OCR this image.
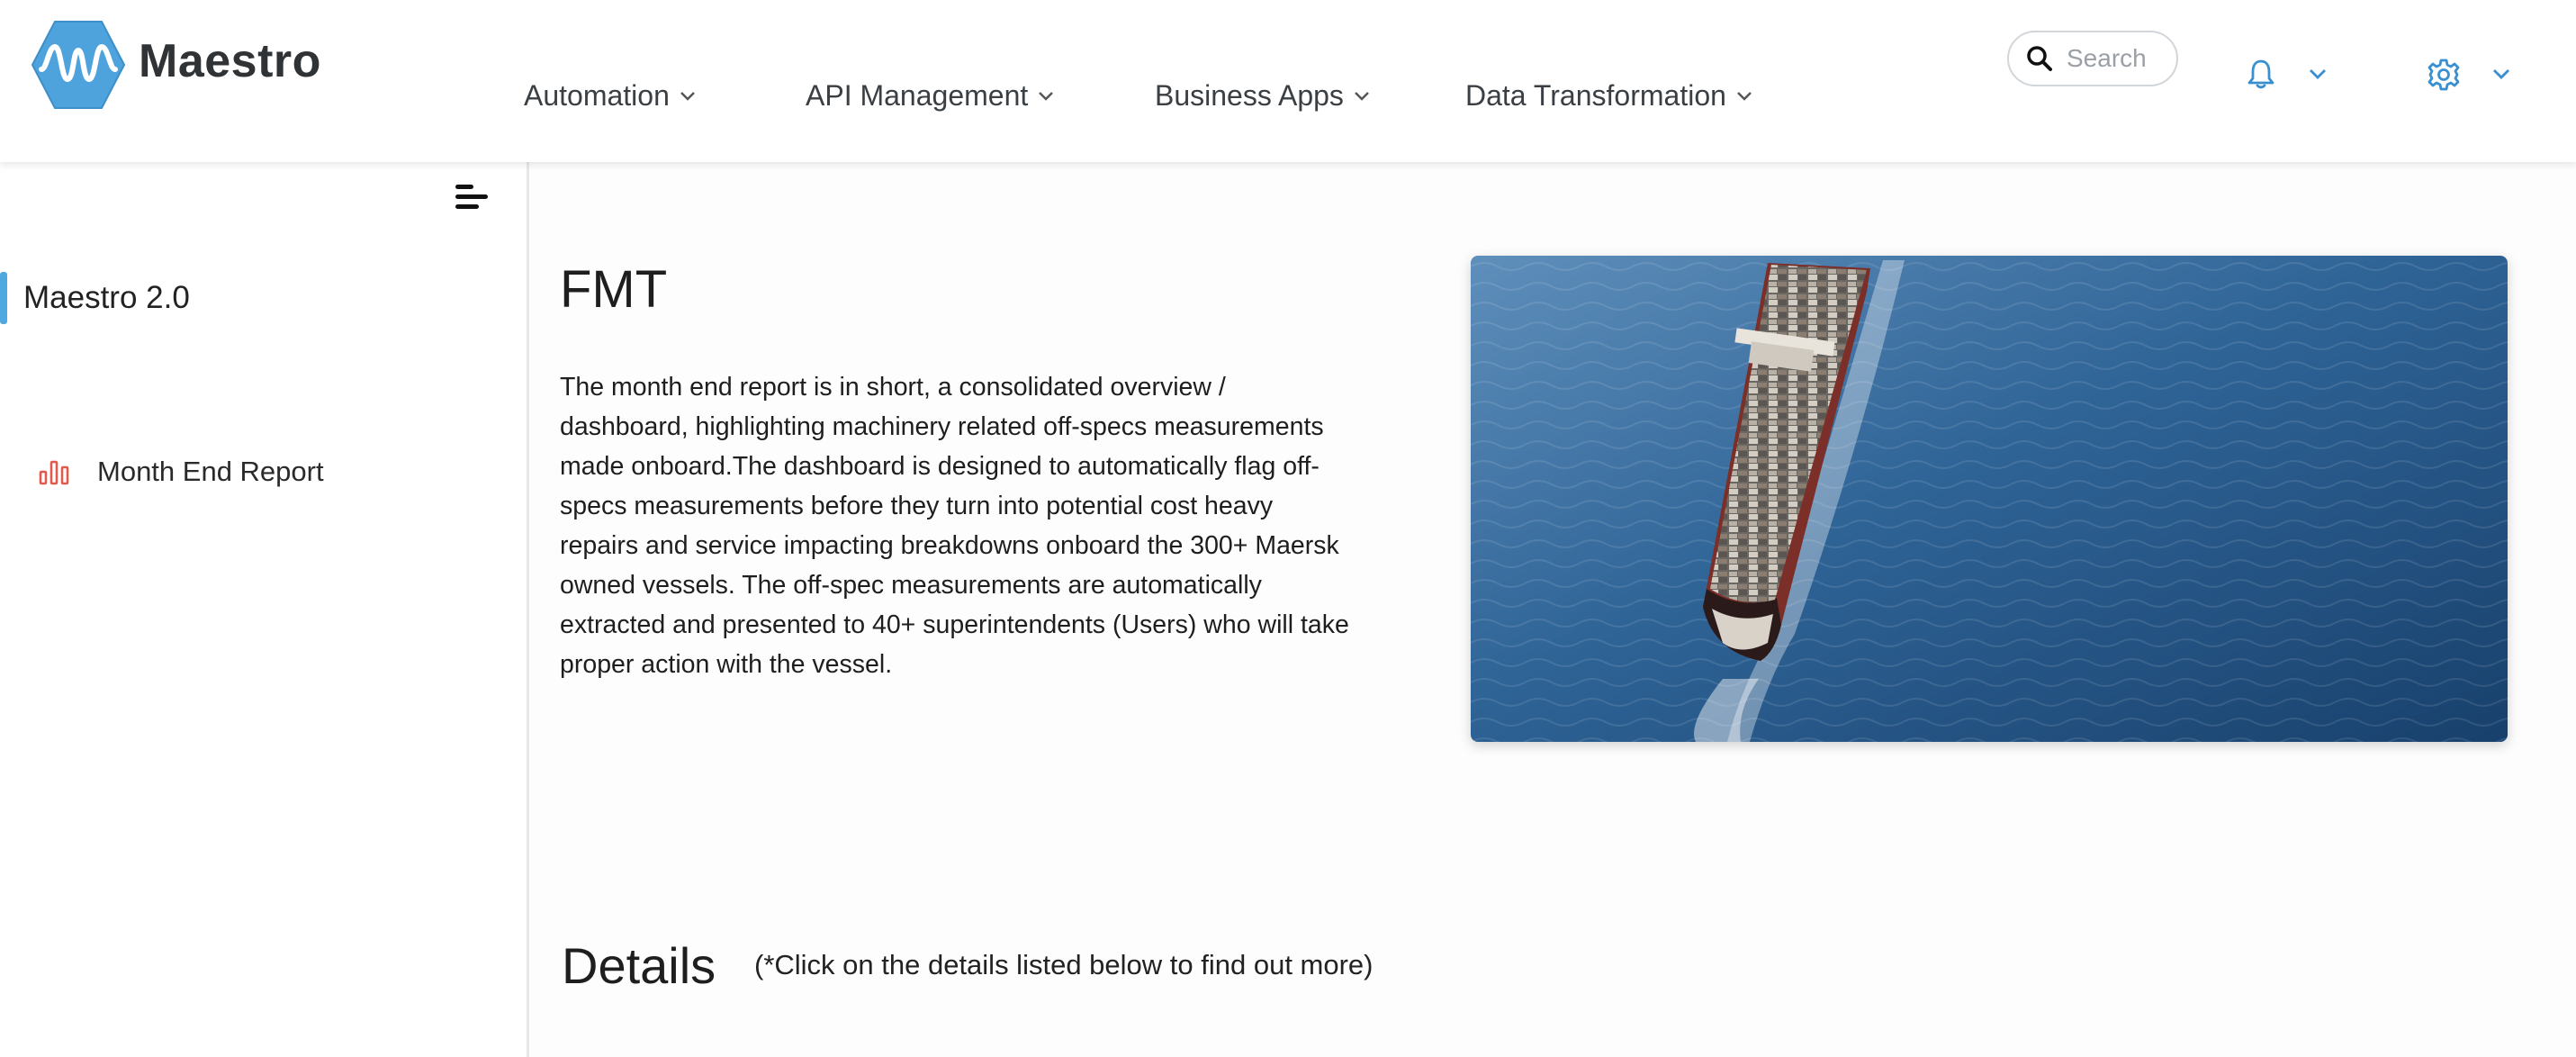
Maestro
Automation	API Management	Business Apps	Data Transformation
Search
Maestro 2.0
Month End Report
FMT
The month end report is in short, a consolidated overview / dashboard, highlighting machinery related off-specs measurements made onboard.The dashboard is designed to automatically flag off-specs measurements before they turn into potential cost heavy repairs and service impacting breakdowns onboard the 300+ Maersk owned vessels. The off-spec measurements are automatically extracted and presented to 40+ superintendents (Users) who will take proper action with the vessel.
Details (*Click on the details listed below to find out more)
